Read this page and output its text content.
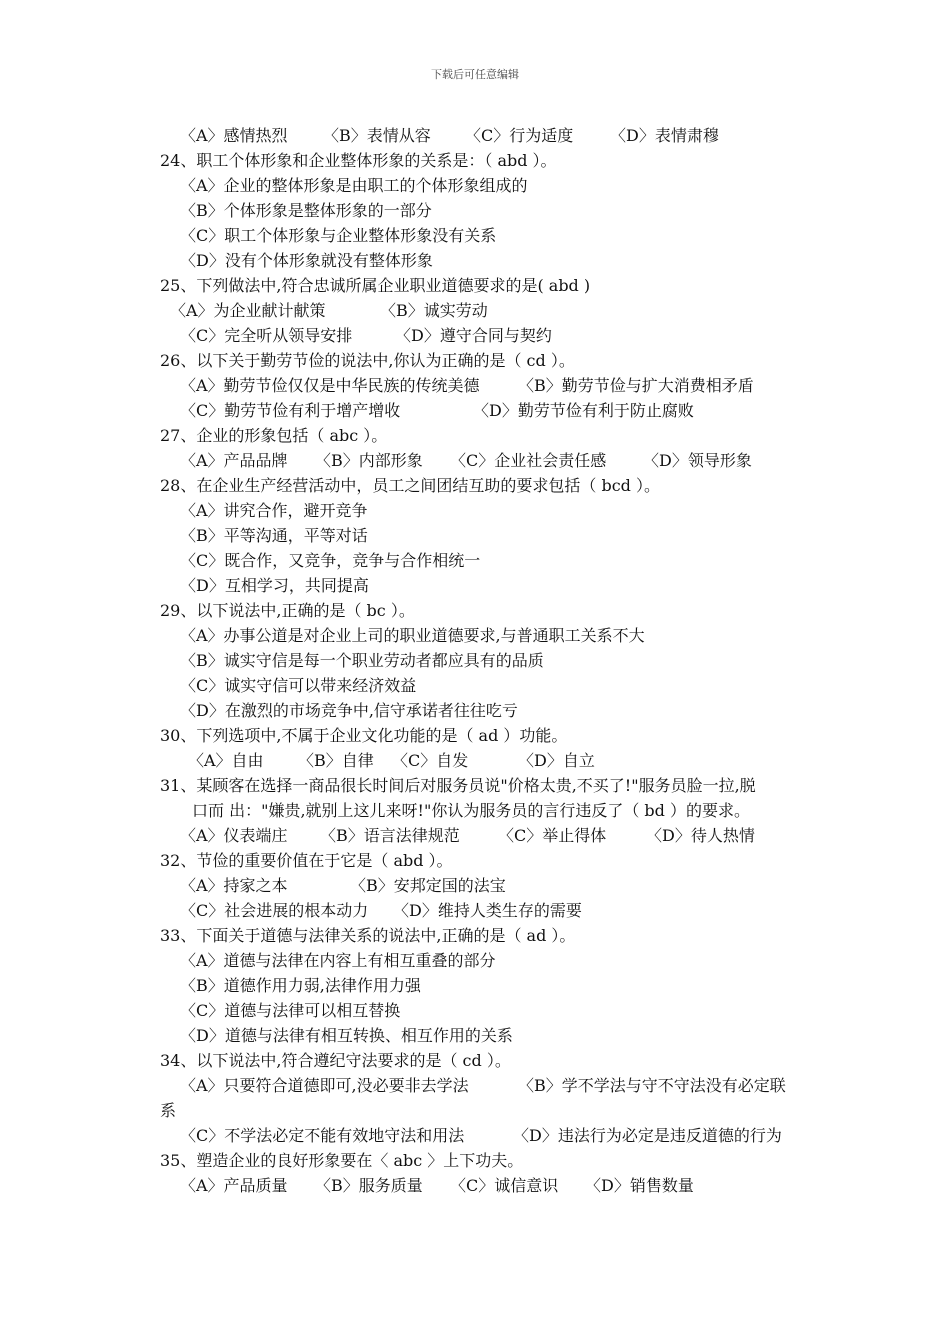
下载后可任意编辑
〈A〉感情热烈 〈B〉表情从容 〈C〉行为适度 〈D〉表情肃穆
24、职工个体形象和企业整体形象的关系是：（ abd ）。
〈A〉企业的整体形象是由职工的个体形象组成的
〈B〉个体形象是整体形象的一部分
〈C〉职工个体形象与企业整体形象没有关系
〈D〉没有个体形象就没有整体形象
25、下列做法中,符合忠诚所属企业职业道德要求的是( abd )
〈A〉为企业献计献策	〈B〉诚实劳动
〈C〉完全听从领导安排	〈D〉遵守合同与契约
26、以下关于勤劳节俭的说法中,你认为正确的是（ cd ）。
〈A〉勤劳节俭仅仅是中华民族的传统美德 〈B〉勤劳节俭与扩大消费相矛盾
〈C〉勤劳节俭有利于增产增收	〈D〉勤劳节俭有利于防止腐败
27、企业的形象包括（ abc ）。
〈A〉产品品牌 〈B〉内部形象 〈C〉企业社会责任感 〈D〉领导形象
28、在企业生产经营活动中，员工之间团结互助的要求包括（ bcd ）。
〈A〉讲究合作，避开竞争
〈B〉平等沟通，平等对话
〈C〉既合作，又竞争，竞争与合作相统一
〈D〉互相学习，共同提高
29、以下说法中,正确的是（ bc ）。
〈A〉办事公道是对企业上司的职业道德要求,与普通职工关系不大
〈B〉诚实守信是每一个职业劳动者都应具有的品质
〈C〉诚实守信可以带来经济效益
〈D〉在激烈的市场竞争中,信守承诺者往往吃亏
30、下列选项中,不属于企业文化功能的是（ ad ）功能。
〈A〉自由 〈B〉自律 〈C〉自发	〈D〉自立
31、某顾客在选择一商品很长时间后对服务员说"价格太贵,不买了!"服务员脸一拉,脱
口而 出："嫌贵,就别上这儿来呀!"你认为服务员的言行违反了（ bd ）的要求。
〈A〉仪表端庄 〈B〉语言法律规范 〈C〉举止得体 〈D〉待人热情
32、节俭的重要价值在于它是（ abd ）。
〈A〉持家之本	〈B〉安邦定国的法宝
〈C〉社会进展的根本动力 〈D〉维持人类生存的需要
33、下面关于道德与法律关系的说法中,正确的是（ ad ）。
〈A〉道德与法律在内容上有相互重叠的部分
〈B〉道德作用力弱,法律作用力强
〈C〉道德与法律可以相互替换
〈D〉道德与法律有相互转换、相互作用的关系
34、以下说法中,符合遵纪守法要求的是（ cd ）。
〈A〉只要符合道德即可,没必要非去学法	〈B〉学不学法与守不守法没有必定联
系
〈C〉不学法必定不能有效地守法和用法	〈D〉违法行为必定是违反道德的行为
35、塑造企业的良好形象要在〈 abc 〉上下功夫。
〈A〉产品质量 〈B〉服务质量 〈C〉诚信意识 〈D〉销售数量
